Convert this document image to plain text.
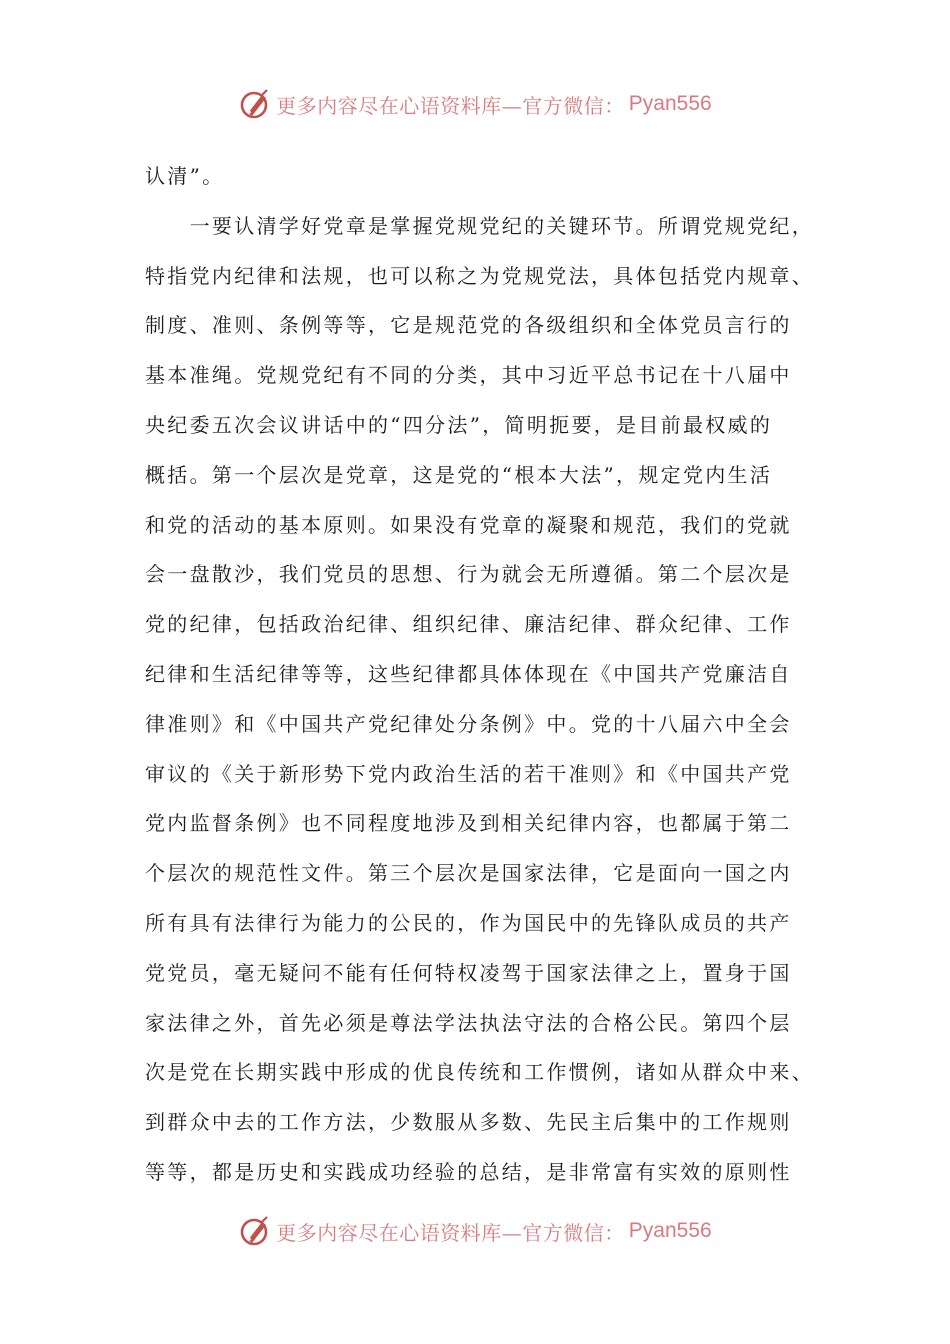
更多内容尽在心语资料库—官方微信： Pyan556
认清”。
　　一要认清学好党章是掌握党规党纪的关键环节。所谓党规党纪，
特指党内纪律和法规，也可以称之为党规党法，具体包括党内规章、
制度、准则、条例等等，它是规范党的各级组织和全体党员言行的
基本准绳。党规党纪有不同的分类，其中习近平总书记在十八届中
央纪委五次会议讲话中的“四分法”，简明扼要，是目前最权威的
概括。第一个层次是党章，这是党的“根本大法”，规定党内生活
和党的活动的基本原则。如果没有党章的凝聚和规范，我们的党就
会一盘散沙，我们党员的思想、行为就会无所遵循。第二个层次是
党的纪律，包括政治纪律、组织纪律、廉洁纪律、群众纪律、工作
纪律和生活纪律等等，这些纪律都具体体现在《中国共产党廉洁自
律准则》和《中国共产党纪律处分条例》中。党的十八届六中全会
审议的《关于新形势下党内政治生活的若干准则》和《中国共产党
党内监督条例》也不同程度地涉及到相关纪律内容，也都属于第二
个层次的规范性文件。第三个层次是国家法律，它是面向一国之内
所有具有法律行为能力的公民的，作为国民中的先锋队成员的共产
党党员，毫无疑问不能有任何特权凌驾于国家法律之上，置身于国
家法律之外，首先必须是尊法学法执法守法的合格公民。第四个层
次是党在长期实践中形成的优良传统和工作惯例，诸如从群众中来、
到群众中去的工作方法，少数服从多数、先民主后集中的工作规则
等等，都是历史和实践成功经验的总结，是非常富有实效的原则性
更多内容尽在心语资料库—官方微信： Pyan556
